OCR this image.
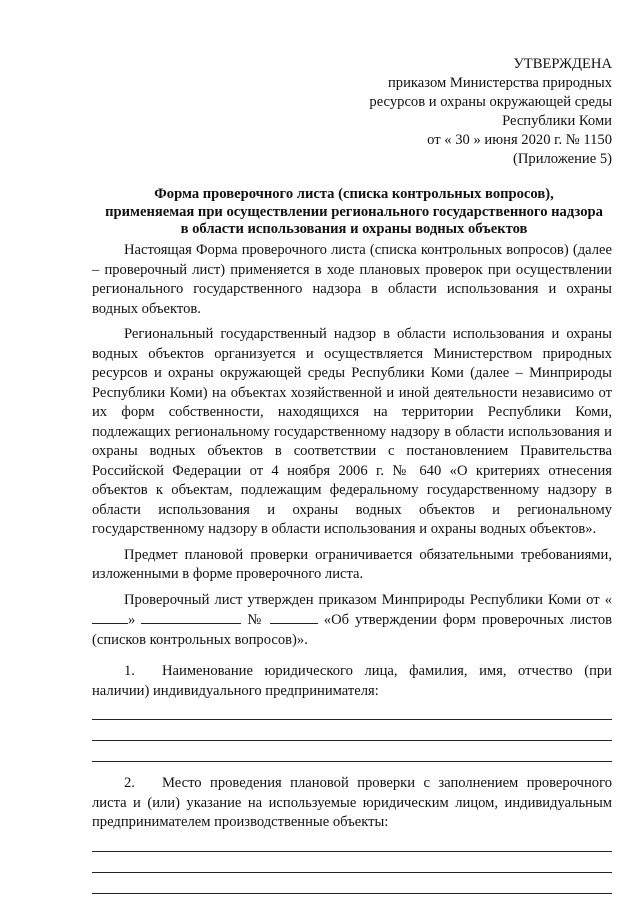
УТВЕРЖДЕНА
приказом Министерства природных
ресурсов и охраны окружающей среды
Республики Коми
от « 30 » июня 2020 г. № 1150
(Приложение 5)
Форма проверочного листа (списка контрольных вопросов),
применяемая при осуществлении регионального государственного надзора
в области использования и охраны водных объектов

Настоящая Форма проверочного листа (списка контрольных вопросов) (далее – проверочный лист) применяется в ходе плановых проверок при осуществлении регионального государственного надзора в области использования и охраны водных объектов.

Региональный государственный надзор в области использования и охраны водных объектов организуется и осуществляется Министерством природных ресурсов и охраны окружающей среды Республики Коми (далее – Минприроды Республики Коми) на объектах хозяйственной и иной деятельности независимо от их форм собственности, находящихся на территории Республики Коми, подлежащих региональному государственному надзору в области использования и охраны водных объектов в соответствии с постановлением Правительства Российской Федерации от 4 ноября 2006 г. № 640 «О критериях отнесения объектов к объектам, подлежащим федеральному государственному надзору в области использования и охраны водных объектов и региональному государственному надзору в области использования и охраны водных объектов».

Предмет плановой проверки ограничивается обязательными требованиями, изложенными в форме проверочного листа.

Проверочный лист утвержден приказом Минприроды Республики Коми от «»	№	«Об утверждении форм проверочных листов (списков контрольных вопросов)».

1. Наименование юридического лица, фамилия, имя, отчество (при наличии) индивидуального предпринимателя:

2. Место проведения плановой проверки с заполнением проверочного листа и (или) указание на используемые юридическим лицом, индивидуальным предпринимателем производственные объекты:
